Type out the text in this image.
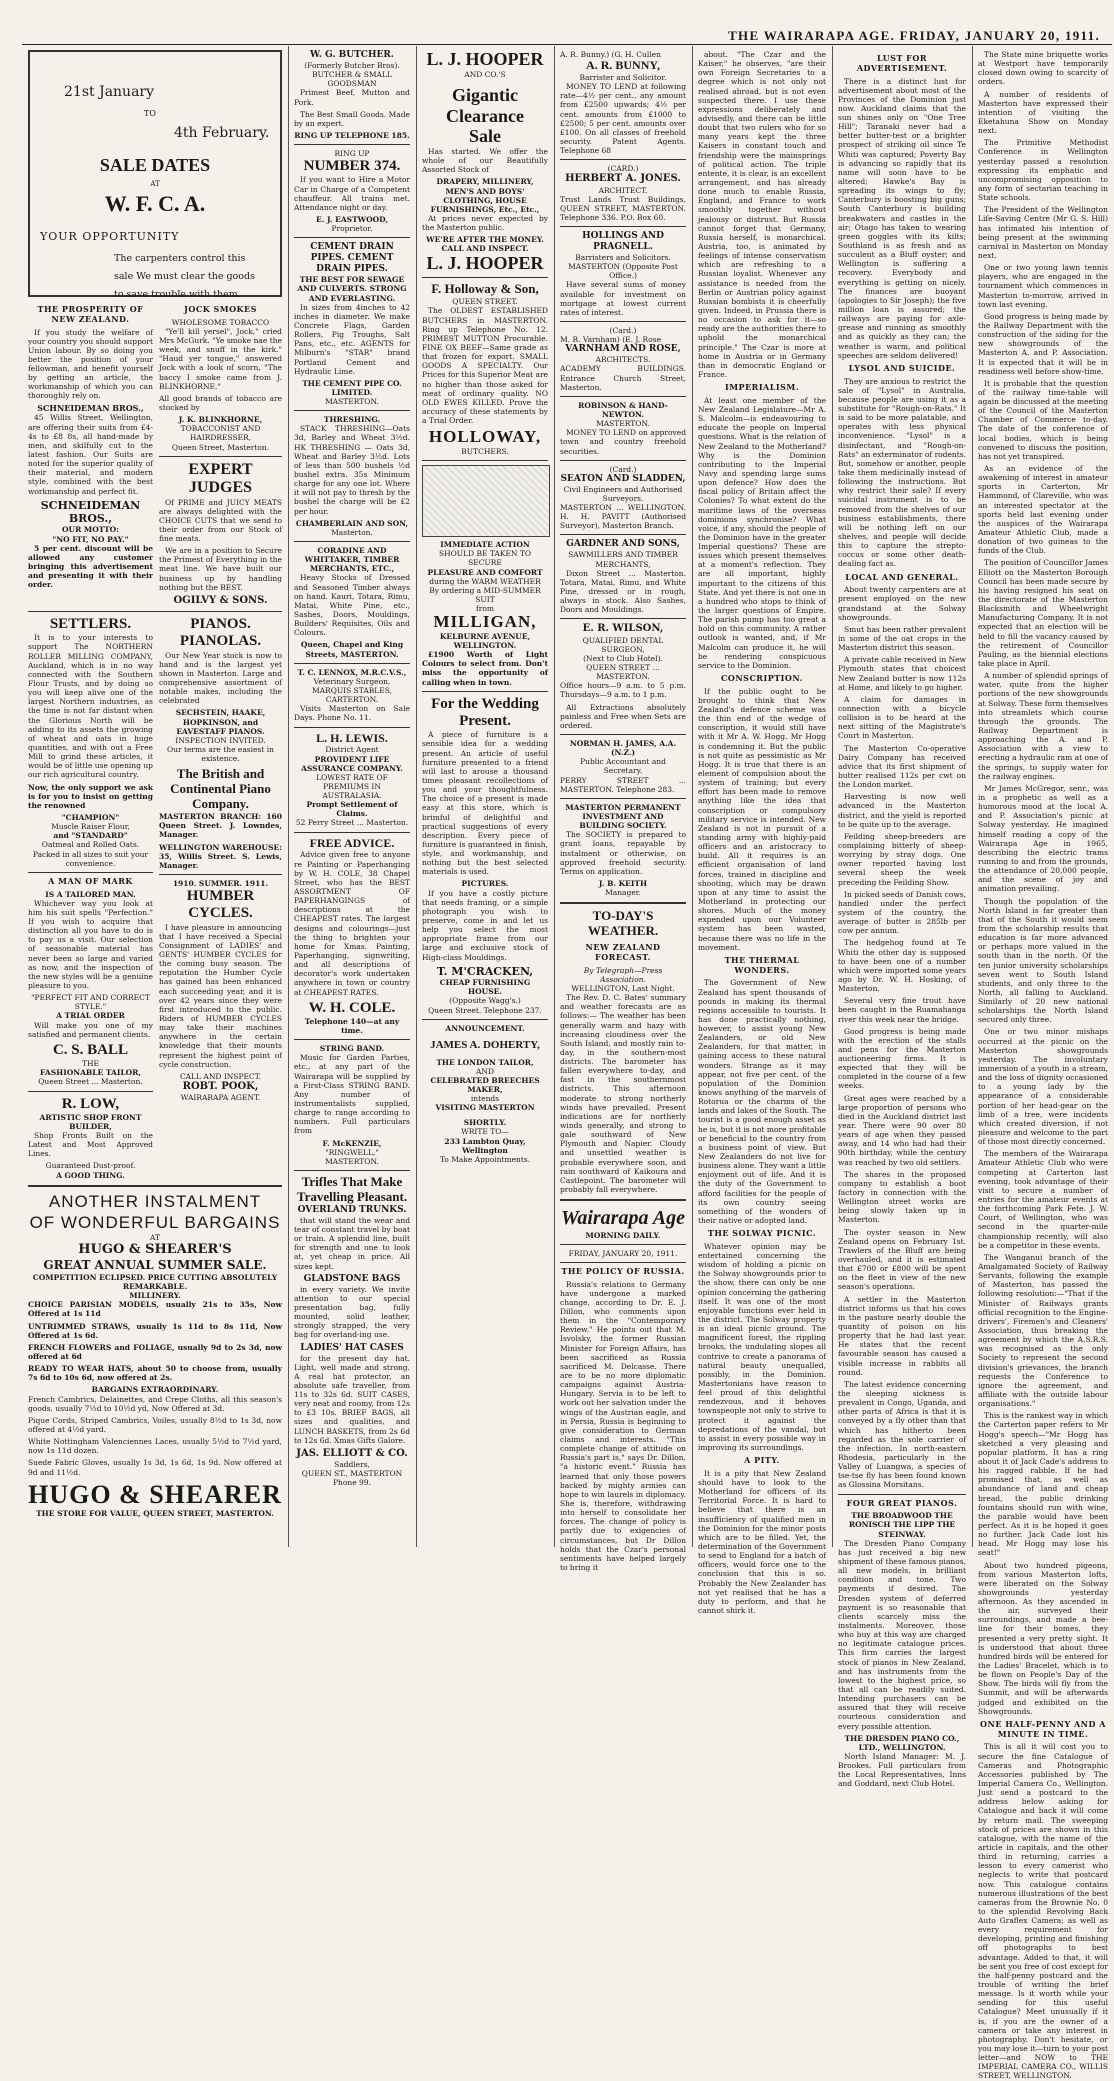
THE WAIRARAPA AGE. FRIDAY, JANUARY 20, 1911.
21st January
TO
4th February.
SALE DATES
AT
W. F. C. A.
YOUR OPPORTUNITY
The carpenters control this sale We must clear the goods to save trouble with them.
THE PROSPERITY OF NEW ZEALAND.

If you study the welfare of your country you should support Union labour. By so doing you better the position of your fellowman, and benefit yourself by getting an article, the workmanship of which you can thoroughly rely on.

SCHNEIDEMAN BROS.,

45 Willis Street, Wellington, are offering their suits from £4-4s to £8 8s, all hand-made by men, and skilfully cut to the latest fashion. Our Suits are noted for the superior quality of their material, and modern style, combined with the best workmanship and perfect fit.

SCHNEIDEMAN BROS.,
OUR MOTTO:
"NO FIT, NO PAY."

5 per cent. discount will be allowed any customer bringing this advertisement and presenting it with their order.

JOCK SMOKES
WHOLESOME TOBACCO

"Ye'll kill yersel", Jock," cried Mrs McGurk. "Ye smoke nae the week, and snuff in the kirk." "Haud yer tongue," answered Jock with a look of scorn, "The baccy I smoke came from J. BLINKHORNE."

All good brands of tobacco are stocked by

J. K. BLINKHORNE,
TOBACCONIST AND HAIRDRESSER,
Queen Street, Masterton.
EXPERT JUDGES

Of PRIME and JUICY MEATS are always delighted with the CHOICE CUTS that we send to their order from our Stock of fine meats.

We are in a position to Secure the Primest of Everything in the meat line. We have built our business up by handling nothing but the BEST.

OGILVY & SONS.
SETTLERS.

It is to your interests to support The NORTHERN ROLLER MILLING COMPANY, Auckland, which is in no way connected with the Southern Flour Trusts, and by doing so you will keep alive one of the largest Northern industries, as the time is not far distant when the Glorious North will be adding to its assets the growing of wheat and oats in huge quantities, and with out a Free Mill to grind these articles, it would be of little use opening up our rich agricultural country.

Now, the only support we ask is for you to insist on getting the renowned

"CHAMPION"
Muscle Raiser Flour,
and "STANDARD"
Oatmeal and Rolled Oats.
Packed in all sizes to suit your convenience.
A MAN OF MARK
IS A TAILORED MAN.

Whichever way you look at him his suit spells "Perfection." If you wish to acquire that distinction all you have to do is to pay us a visit. Our selection of seasonable material has never been so large and varied as now, and the inspection of the new styles will be a genuine pleasure to you.

"PERFECT FIT AND CORRECT STYLE."
A TRIAL ORDER

Will make you one of my satisfied and permanent clients.

C. S. BALL
THE
FASHIONABLE TAILOR,
Queen Street ... Masterton.
R. LOW,
ARTISTIC SHOP FRONT BUILDER,

Shop Fronts Built on the Latest and Most Approved Lines.

Guaranteed Dust-proof.
A GOOD THING.
PIANOS. PIANOLAS.

Our New Year stock is now to hand and is the largest yet shown in Masterton. Large and comprehensive assortment of notable makes, including the celebrated

SECHSTEIN, HAAKE, HOPKINSON, and EAVESTAFF PIANOS.
INSPECTION INVITED.
Our terms are the easiest in existence.
The British and Continental Piano Company.

MASTERTON BRANCH: 160 Queen Street. J. Lowndes, Manager.

WELLINGTON WAREHOUSE: 35, Willis Street. S. Lewis, Manager.

1910. SUMMER. 1911.
HUMBER CYCLES.

I have pleasure in announcing that I have received a Special Consignment of LADIES' and GENTS' HUMBER CYCLES for the coming busy season. The reputation the Humber Cycle has gained has been enhanced each succeeding year, and it is over 42 years since they were first introduced to the public. Riders of HUMBER CYCLES may take their machines anywhere in the certain knowledge that their mounts represent the highest point of cycle construction.

CALL AND INSPECT.
ROBT. POOK,
WAIRARAPA AGENT.
ANOTHER INSTALMENT
OF WONDERFUL BARGAINS
AT
HUGO & SHEARER'S
GREAT ANNUAL SUMMER SALE.
COMPETITION ECLIPSED. PRICE CUTTING ABSOLUTELY REMARKABLE.
MILLINERY.

CHOICE PARISIAN MODELS, usually 21s to 35s, Now Offered at 1s 11d

UNTRIMMED STRAWS, usually 1s 11d to 8s 11d, Now Offered at 1s 6d.

FRENCH FLOWERS and FOLIAGE, usually 9d to 2s 3d, now offered at 6d

READY TO WEAR HATS, about 50 to choose from, usually 7s 6d to 10s 6d, now offered at 2s.

BARGAINS EXTRAORDINARY.

French Cambrics, Delainettes, and Crepe Cloths, all this season's goods, usually 7½d to 10½d yd, Now Offered at 3d.

Pique Cords, Striped Cambrics, Voiles, usually 8½d to 1s 3d, now offered at 4½d yard.

White Nottingham Valenciennes Laces, usually 5½d to 7½d yard, now 1s 11d dozen.

Suede Fabric Gloves, usually 1s 3d, 1s 6d, 1s 9d. Now offered at 9d and 11½d.

HUGO & SHEARER
THE STORE FOR VALUE, QUEEN STREET, MASTERTON.
W. G. BUTCHER.
(Formerly Butcher Bros).
BUTCHER & SMALL GOODSMAN

Primest Beef, Mutton and Pork.

The Best Small Goods. Made by an expert.

RING UP TELEPHONE 185.
RING UP
NUMBER 374.

If you want to Hire a Motor Car in Charge of a Competent chauffeur. All trains met. Attendance night or day.

E. J. EASTWOOD,
Proprietor.
CEMENT DRAIN PIPES. CEMENT DRAIN PIPES.
THE BEST FOR SEWAGE AND CULVERTS. STRONG AND EVERLASTING.

In sizes from 4inches to 42 inches in diameter. We make Concrete Flags, Garden Rollers, Pig Troughs, Salt Pans, etc., etc. AGENTS for Milburn's "STAR" brand Portland Cement and Hydraulic Lime.

THE CEMENT PIPE CO. LIMITED.
MASTERTON.
THRESHING.

STACK THRESHING—Oats 3d, Barley and Wheat 3½d. HK THRESHING — Oats 3d, Wheat and Barley 3½d. Lots of less than 500 bushels ½d bushel extra. 35s Minimum charge for any one lot. Where it will not pay to thresh by the bushel the charge will be £2 per hour.

CHAMBERLAIN AND SON,
Masterton.
CORADINE AND WHITTAKER, TIMBER MERCHANTS, ETC.,

Heavy Stocks of Dressed and Seasoned Timber always on hand. Kauri, Totara, Rimu, Matai, White Pine, etc., Sashes, Doors, Mouldings, Builders' Requisites, Oils and Colours.

Queen, Chapel and King Streets, MASTERTON.
T. C. LENNOX, M.R.C.V.S.,
Veterinary Surgeon,
MARQUIS STABLES, CARTERTON.

Visits Masterton on Sale Days. Phone No. 11.

L. H. LEWIS.
District Agent
PROVIDENT LIFE ASSURANCE COMPANY.
LOWEST RATE OF PREMIUMS IN AUSTRALASIA.
Prompt Settlement of Claims.
52 Perry Street ... Masterton.
FREE ADVICE.

Advice given free to anyone re Painting or Paperhanging by W. H. COLE, 38 Chapel Street, who has the BEST ASSORTMENT OF PAPERHANGINGS of descriptions at the CHEAPEST rates. The largest designs and colourings—just the thing to brighten your home for Xmas. Painting, Paperhanging, signwriting, and all descriptions of decorator's work undertaken anywhere in town or country at CHEAPEST RATES.

W. H. COLE.
Telephone 140—at any time.
STRING BAND.

Music for Garden Parties, etc., at any part of the Wairarapa will be supplied by a First-Class STRING BAND. Any number of instrumentalists supplied, charge to range according to numbers. Full particulars from

F. McKENZIE,
"RINGWELL,"
MASTERTON.
Trifles That Make Travelling Pleasant.
OVERLAND TRUNKS.

that will stand the wear and tear of constant travel by boat or train. A splendid line, built for strength and one to look at, yet cheap in price. All sizes kept.

GLADSTONE BAGS

in every variety. We invite attention to our special presentation bag, fully mounted, solid leather, strongly strapped, the very bag for overland-ing use.

LADIES' HAT CASES

for the present day hat. Light, well made and strong. A real hat protector, an absolute safe traveller, from 11s to 32s 6d. SUIT CASES, very neat and roomy, from 12s to £3 10s. BRIEF BAGS, all sizes and qualities, and LUNCH BASKETS, from 2s 6d to 12s 6d. Xmas Gifts Galore.

JAS. ELLIOTT & CO.
Saddlers,
QUEEN ST., MASTERTON
Phone 99.
L. J. HOOPER
AND CO.'S
Gigantic
Clearance
Sale

Has started. We offer the whole of our Beautifully Assorted Stock of

DRAPERY, MILLINERY, MEN'S AND BOYS' CLOTHING, HOUSE FURNISHINGS, Etc., Etc.,

At prices never expected by the Masterton public.

WE'RE AFTER THE MONEY.
CALL AND INSPECT.
L. J. HOOPER
F. Holloway & Son,
QUEEN STREET.

The OLDEST ESTABLISHED BUTCHERS in MASTERTON. Ring up Telephone No. 12. PRIMEST MUTTON Procurable. FINE OX BEEF—Same grade as that frozen for export. SMALL GOODS A SPECIALTY. Our Prices for this Superior Meat are no higher than those asked for meat of ordinary quality. NO OLD EWES KILLED. Prove the accuracy of these statements by a Trial Order.

HOLLOWAY,
BUTCHERS.
IMMEDIATE ACTION
SHOULD BE TAKEN TO SECURE
PLEASURE AND COMFORT
during the WARM WEATHER
By ordering a MID-SUMMER SUIT
from
MILLIGAN,
KELBURNE AVENUE, WELLINGTON.

£1900 Worth of Light Colours to select from. Don't miss the opportunity of calling when in town.

For the Wedding Present.

A piece of furniture is a sensible idea for a wedding present. An article of useful furniture presented to a friend will last to arouse a thousand times pleasant recollections of you and your thoughtfulness. The choice of a present is made easy at this store, which is brimful of delightful and practical suggestions of every description. Every piece of furniture is guaranteed in finish, style, and workmanship, and nothing but the best selected materials is used.

PICTURES.

If you have a costly picture that needs framing, or a simple photograph you wish to preserve, come in and let us help you select the most appropriate frame from our large and exclusive stock of High-class Mouldings.

T. M'CRACKEN,
CHEAP FURNISHING HOUSE.
(Opposite Wagg's.)
Queen Street. Telephone 237.
ANNOUNCEMENT.
JAMES A. DOHERTY,
THE LONDON TAILOR,
AND
CELEBRATED BREECHES
MAKER,
intends
VISITING MASTERTON
SHORTLY.
WRITE TO—
233 Lambton Quay, Wellington
To Make Appointments.
A. R. Bunny.) (G. H. Cullen
A. R. BUNNY,
Barrister and Solicitor.

MONEY TO LEND at following rate—4½ per cent., any amount from £2500 upwards; 4½ per cent. amounts from £1000 to £2500; 5 per cent. amounts over £100. On all classes of freehold security. Patent Agents. Telephone 68

(CARD.)
HERBERT A. JONES.
ARCHITECT.

Trust Lands Trust Buildings, QUEEN STREET, MASTERTON. Telephone 336. P.O. Box 60.

HOLLINGS AND PRAGNELL.
Barristers and Solicitors.
MASTERTON (Opposite Post Office.)

Have several sums of money available for investment on mortgage at lowest current rates of interest.

(Card.)
M. R. Varnham) (E. J. Rose
VARNHAM AND ROSE,
ARCHITECTS.

ACADEMY BUILDINGS. Entrance Church Street, Masterton.

ROBINSON & HAND-NEWTON.
MASTERTON.

MONEY TO LEND on approved town and country freehold securities.

(Card.)
SEATON AND SLADDEN,
Civil Engineers and Authorised Surveyors.

MASTERTON ... WELLINGTON. H. H. PAVITT (Authorised Surveyor), Masterton Branch.

GARDNER AND SONS,
SAWMILLERS AND TIMBER MERCHANTS,

Dixon Street ... Masterton. Totara, Matai, Rimu, and White Pine, dressed or in rough, always in stock. Also Sashes, Doors and Mouldings.

E. R. WILSON,
QUALIFIED DENTAL SURGEON,
(Next to Club Hotel).
QUEEN STREET ... MASTERTON.

Office hours—9 a.m. to 5 p.m. Thursdays—9 a.m. to 1 p.m.

All Extractions absolutely painless and Free when Sets are ordered.

NORMAN H. JAMES, A.A. (N.Z.)
Public Accountant and Secretary.

PERRY STREET ... MASTERTON. Telephone 283.

MASTERTON PERMANENT INVESTMENT AND BUILDING SOCIETY.

The SOCIETY is prepared to grant loans, repayable by instalment or otherwise, on approved freehold security. Terms on application.

J. B. KEITH
Manager.
TO-DAY'S WEATHER.
NEW ZEALAND FORECAST.
By Telegraph—Press Association.
WELLINGTON, Last Night.

The Rev. D. C. Bates' summary and weather forecasts are as follows:— The weather has been generally warm and hazy with increasing cloudiness over the South Island, and mostly rain to-day, in the southern-most districts. The barometer has fallen everywhere to-day, and fast in the southernmost districts. This afternoon moderate to strong northerly winds have prevailed. Present indications are for northerly winds generally, and strong to gale southward of New Plymouth and Napier. Cloudy and unsettled weather is probable everywhere soon, and rain southward of Kaikoura and Castlepoint. The barometer will probably fall everywhere.

Wairarapa Age
MORNING DAILY.
FRIDAY, JANUARY 20, 1911.
THE POLICY OF RUSSIA.

Russia's relations to Germany have undergone a marked change, according to Dr. E. J. Dillon, who comments upon them in the "Contemporary Review." He points out that M. Isvolsky, the former Russian Minister for Foreign Affairs, has been sacrificed as Russia sacrificed M. Delcasse. There are to be no more diplomatic campaigns against Austria-Hungary. Servia is to be left to work out her salvation under the wings of the Austrian eagle, and in Persia, Russia is beginning to give consideration to German claims and interests. "This complete change of attitude on Russia's part is," says Dr. Dillon, "a historic event." Russia has learned that only those powers backed by mighty armies can hope to win laurels in diplomacy. She is, therefore, withdrawing into herself to consolidate her forces. The change of policy is partly due to exigencies of circumstances, but Dr Dillon holds that the Czar's personal sentiments have helped largely to bring it

about. "The Czar and the Kaiser," he observes, "are their own Foreign Secretaries to a degree which is not only not realised abroad, but is not even suspected there. I use these expressions deliberately and advisedly, and there can be little doubt that two rulers who for so many years kept the three Kaisers in constant touch and friendship were the mainsprings of political action. The triple entente, it is clear, is an excellent arrangement, and has already done much to enable Russia, England, and France to work smoothly together without jealousy or distrust. But Russia cannot forget that Germany, Russia herself, is monarchical. Austria, too, is animated by feelings of intense conservatism which are refreshing to a Russian loyalist. Whenever any assistance is needed from the Berlin or Austrian policy against Russian bombists it is cheerfully given. Indeed, in Prussia there is no occasion to ask for it—so ready are the authorities there to uphold the monarchical principle." The Czar is more at home in Austria or in Germany than in democratic England or France.

IMPERIALISM.

At least one member of the New Zealand Legislature—Mr A. S. Malcolm—is endeavouring to educate the people on Imperial questions. What is the relation of New Zealand to the Motherland? Why is the Dominion contributing to the Imperial Navy and spending large sums upon defence? How does the fiscal policy of Britain affect the Colonies? To what extent do the maritime laws of the overseas dominions synchronise? What voice, if any, should the people of the Dominion have in the greater Imperial questions? These are issues which present themselves at a moment's reflection. They are all important, highly important to the citizens of this State. And yet there is not one in a hundred who stops to think of the larger questions of Empire. The parish pump has too great a hold on this community. A rather outlook is wanted, and, if Mr Malcolm can produce it, he will be rendering conspicuous service to the Dominion.

CONSCRIPTION.

If the public ought to be brought to think that New Zealand's defence scheme was the thin end of the wedge of conscription, it would still have with it Mr A. W. Hogg. Mr Hogg is condemning it. But the public is not quite as pessimistic as Mr Hogg. It is true that there is an element of compulsion about the system of training; but every effort has been made to remove anything like the idea that conscription or compulsory military service is intended. New Zealand is not in pursuit of a standing army with highly-paid officers and an aristocracy to build. All it requires is an efficient organisation of land forces, trained in discipline and shooting, which may be drawn upon at any time to assist the Motherland in protecting our shores. Much of the money expended upon our Volunteer system has been wasted, because there was no life in the movement.

THE THERMAL WONDERS.

The Government of New Zealand has spent thousands of pounds in making its thermal regions accessible to tourists. It has done practically nothing, however, to assist young New Zealanders, or old New Zealanders, for that matter, in gaining access to these natural wonders. Strange as it may appear, not five per cent. of the population of the Dominion knows anything of the marvels of Rotorua or the charms of the lands and lakes of the South. The tourist is a good enough asset as he is, but it is not more profitable or beneficial to the country from a business point of view. But New Zealanders do not live for business alone. They want a little enjoyment out of life. And it is the duty of the Government to afford facilities for the people of its own country seeing something of the wonders of their native or adopted land.

THE SOLWAY PICNIC.

Whatever opinion may be entertained concerning the wisdom of holding a picnic on the Solway showgrounds prior to the show, there can only be one opinion concerning the gathering itself. It was one of the most enjoyable functions ever held in the district. The Solway property is an ideal picnic ground. The magnificent forest, the rippling brooks, the undulating slopes all contrive to create a panorama of natural beauty unequalled, possibly, in the Dominion. Mastertonians have reason to feel proud of this delightful rendezvous, and it behoves townspeople not only to strive to protect it against the depredations of the vandal, but to assist in every possible way in improving its surroundings.

A PITY.

It is a pity that New Zealand should have to look to the Motherland for officers of its Territorial Force. It is hard to believe that there is an insufficiency of qualified men in the Dominion for the minor posts which are to be filled. Yet, the determination of the Government to send to England for a batch of officers, would force one to the conclusion that this is so. Probably the New Zealander has not yet realised that he has a duty to perform, and that he cannot shirk it.

LUST FOR ADVERTISEMENT.

There is a distinct lust for advertisement about most of the Provinces of the Dominion just now. Auckland claims that the sun shines only on "One Tree Hill"; Taranaki never had a better butter-test or a brighter prospect of striking oil since Te Whiti was captured; Poverty Bay is advancing so rapidly that its name will soon have to be altered; Hawke's Bay is spreading its wings to fly; Canterbury is boosting big guns; South Canterbury is building breakwaters and castles in the air; Otago has taken to wearing green goggles with its kilts; Southland is as fresh and as succulent as a Bluff oyster; and Wellington is suffering a recovery. Everybody and everything is getting on nicely. The finances are buoyant (apologies to Sir Joseph); the five million loan is assured; the railways are paying for axle-grease and running as smoothly and as quickly as they can; the weather is warm, and political speeches are seldom delivered!

LYSOL AND SUICIDE.

They are anxious to restrict the sale of "Lysol" in Australia, because people are using it as a substitute for "Rough-on-Rats." It is said to be more palatable, and operates with less physical inconvenience. "Lysol" is a disinfectant, and "Rough-on-Rats" an exterminator of rodents. But, somehow or another, people take them medicinally instead of following the instructions. But why restrict their sale? If every suicidal instrument is to be removed from the shelves of our business establishments, there will be nothing left on our shelves, and people will decide this to capture the strepto-coccus or some other death-dealing fact as.

LOCAL AND GENERAL.

About twenty carpenters are at present employed on the new grandstand at the Solway showgrounds.

Smut has been rather prevalent in some of the oat crops in the Masterton district this season.

A private cable received in New Plymouth states that choicest New Zealand butter is now 112s at Home, and likely to go higher.

A claim for damages in connection with a bicycle collision is to be heard at the next sitting of the Magistrate's Court in Masterton.

The Masterton Co-operative Dairy Company has received advice that its first shipment of butter realised 112s per cwt on the London market.

Harvesting is now well advanced in the Masterton district, and the yield is reported to be quite up to the average.

Feilding sheep-breeders are complaining bitterly of sheep-worrying by stray dogs. One owner reported having lost several sheep the week preceding the Feilding Show.

In picked seeds of Danish cows, handled under the perfect system of the country, the average of butter is 285lb per cow per annum.

The hedgehog found at Te Whiti the other day is supposed to have been one of a number which were imported some years ago by Dr. W. H. Hosking, of Masterton.

Several very fine trout have been caught in the Ruamahanga river this week near the bridge.

Good progress is being made with the erection of the stalls and pens for the Masterton auctioneering firms. It is expected that they will be completed in the course of a few weeks.

Great ages were reached by a large proportion of persons who died in the Auckland district last year. There were 90 over 80 years of age when they passed away, and 14 who had had their 90th birthday, while the century was reached by two old settlers.

The shares in the proposed company to establish a boot factory in connection with the Wellington street works are being slowly taken up in Masterton.

The oyster season in New Zealand opens on February 1st. Trawlers of the Bluff are being overhauled, and it is estimated that £700 or £800 will be spent on the fleet in view of the new season's operations.

A settler in the Masterton district informs us that his cows in the pasture nearly double the quantity of poison on his property that he had last year. He states that the recent favourable season has caused a visible increase in rabbits all round.

The latest evidence concerning the sleeping sickness is prevalent in Congo, Uganda, and other parts of Africa is that it is conveyed by a fly other than that which has hitherto been regarded as the sole carrier of the infection. In north-eastern Rhodesia, particularly in the Valley of Luangwa, a species of tse-tse fly has been found known as Glossina Morsitans.

FOUR GREAT PIANOS.
THE BROADWOOD THE RONISCH THE LIPP THE STEINWAY.

The Dresden Piano Company has just received a big new shipment of these famous pianos, all new models, in brilliant condition and tone. Two payments if desired. The Dresden system of deferred payment is so reasonable that clients scarcely miss the instalments. Moreover, those who buy at this way are charged no legitimate catalogue prices. This firm carries the largest stock of pianos in New Zealand, and has instruments from the lowest to the highest price, so that all can be readily suited. Intending purchasers can be assured that they will receive courteous consideration and every possible attention.

THE DRESDEN PIANO CO., LTD., WELLINGTON.

North Island Manager: M. J. Brookes. Full particulars from the Local Representatives, Inns and Goddard, next Club Hotel.

The State mine briquette works at Westport have temporarily closed down owing to scarcity of orders.

A number of residents of Masterton have expressed their intention of visiting the Eketahuna Show on Monday next.

The Primitive Methodist Conference in Wellington yesterday passed a resolution expressing its emphatic and uncompromising opposition to any form of sectarian teaching in State schools.

The President of the Wellington Life-Saving Centre (Mr G. S. Hill) has intimated his intention of being present at the swimming carnival in Masterton on Monday next.

One or two young lawn tennis players, who are engaged in the tournament which commences in Masterton to-morrow, arrived in town last evening.

Good progress is being made by the Railway Department with the construction of the siding for the new showgrounds of the Masterton A. and P. Association. It is expected that it will be in readiness well before show-time.

It is probable that the question of the railway time-table will again be discussed at the meeting of the Council of the Masterton Chamber of Commerce to-day. The date of the conference of local bodies, which is being convened to discuss the position, has not yet transpired.

As an evidence of the awakening of interest in amateur sports in Carterton, Mr Hammond, of Clareville, who was an interested spectator at the sports held last evening under the auspices of the Wairarapa Amateur Athletic Club, made a donation of two guineas to the funds of the Club.

The position of Councillor James Elliott on the Masterton Borough Council has been made secure by his having resigned his seat on the directorate of the Masterton Blacksmith and Wheelwright Manufacturing Company. It is not expected that an election will be held to fill the vacancy caused by the retirement of Councillor Pauling, as the biennial elections take place in April.

A number of splendid springs of water, quite from the higher portions of the new showgrounds at Solway. These form themselves into streamlets which course through the grounds. The Railway Department is approaching the A. and P. Association with a view to erecting a hydraulic ram at one of the springs, to supply water for the railway engines.

Mr James McGregor, senr., was in a prophetic as well as a humorous mood at the local A. and P. Association's picnic at Solway yesterday. He imagined himself reading a copy of the Wairarapa Age in 1965, describing the electric trams running to and from the grounds, the attendance of 20,000 people, and the scene of joy and animation prevailing.

Though the population of the North Island is far greater than that of the South it would seem from the scholarship results that education is far more advanced or perhaps more valued in the south than in the north. Of the ten junior university scholarships seven went to South Island students, and only three to the North, all falling to Auckland. Similarly of 20 new national scholarships the North Island secured only three.

One or two minor mishaps occurred at the picnic on the Masterton showgrounds yesterday. The involuntary immersion of a youth in a stream, and the loss of dignity occasioned to a young lady by the appearance of a considerable portion of her head-gear on the limb of a tree, were incidents which created diversion, if not pleasure and welcome to the part of those most directly concerned.

The members of the Wairarapa Amateur Athletic Club who were competing at Carterton last evening, took advantage of their visit to secure a number of entries for the amateur events at the forthcoming Park Fete. J. W. Court, of Wellington, who was second in the quarter-mile championship recently, will also be a competitor in these events.

The Wanganui branch of the Amalgamated Society of Railway Servants, following the example of Masterton, has passed the following resolution:—"That if the Minister of Railways grants official recognition to the Engine-drivers', Firemen's and Cleaners' Association, thus breaking the agreement by which the A.S.R.S. was recognised as the only Society to represent the second division's grievances, the branch requests the Conference to ignore the agreement, and affiliate with the outside labour organisations."

This is the rankest way in which the Carterton paper refers to Mr Hogg's speech—"Mr Hogg has sketched a very pleasing and popular platform. It has a ring about it of Jack Cade's address to his ragged rabble. If he had promised that, as well as abundance of land and cheap bread, the public drinking fountains should run with wine, the parable would have been perfect. As it is he hoped it goes no further. Jack Cade lost his head. Mr Hogg may lose his seat!"

About two hundred pigeons, from various Masterton lofts, were liberated on the Solway showgrounds yesterday afternoon. As they ascended in the air, surveyed their surroundings, and made a bee-line for their homes, they presented a very pretty sight. It is understood that about three hundred birds will be entered for the Ladies' Bracelet, which is to be flown on People's Day of the Show. The birds will fly from the Summit, and will be afterwards judged and exhibited on the Showgrounds.

ONE HALF-PENNY AND A MINUTE IN TIME.

This is all it will cost you to secure the fine Catalogue of Cameras and Photographic Accessories published by The Imperial Camera Co., Wellington. Just send a postcard to the address below asking for Catalogue and back it will come by return mail. The sweeping stock of prices are shown in this catalogue, with the name of the article in capitals, and the other third in returning, carries a lesson to every camerist who neglects to write that postcard now. This catalogue contains numerous illustrations of the best cameras from the Brownie No. 0 to the splendid Revolving Back Auto Graflex Camera; as well as every requirement for developing, printing and finishing off photographs to best advantage. Added to that, it will be sent you free of cost except for the half-penny postcard and the trouble of writing the brief message. Is it worth while your sending for this useful Catalogue? Meet unusually if it is, if you are the owner of a camera or take any interest in photography. Don't hesitate, or you may lose it—turn to your post letter—and NOW to THE IMPERIAL CAMERA CO., WILLIS STREET, WELLINGTON.
